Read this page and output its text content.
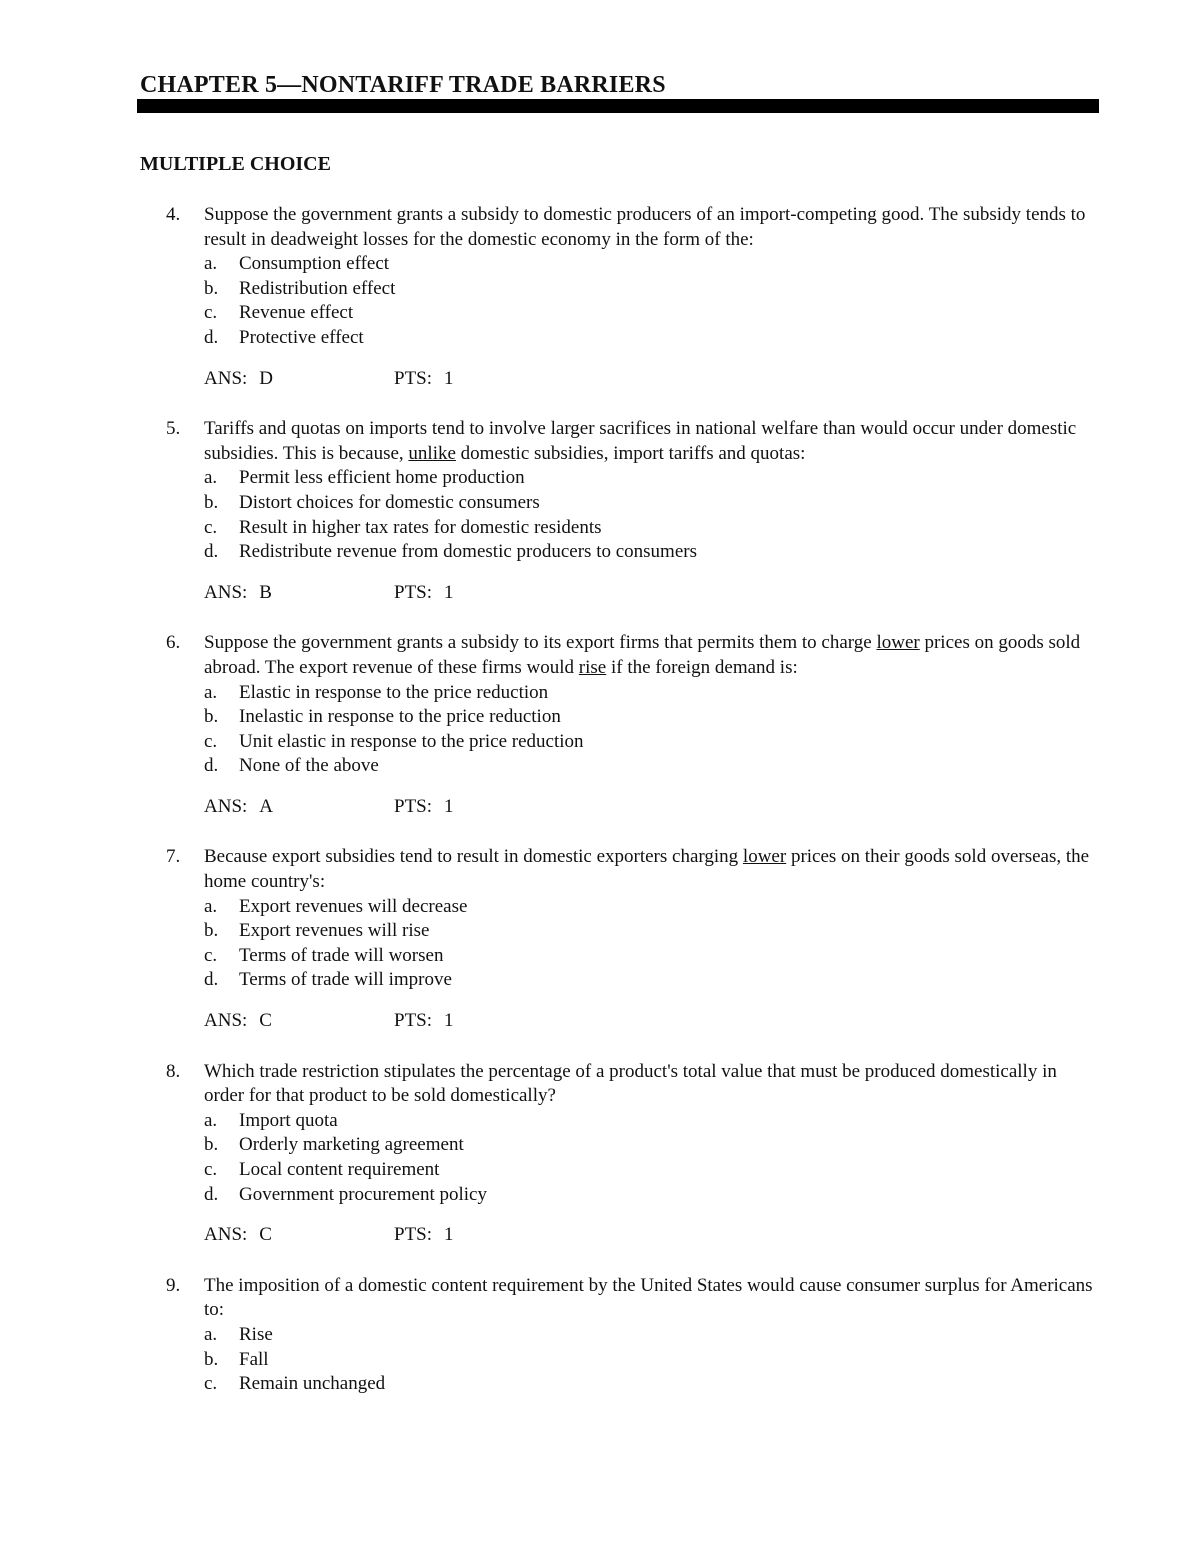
CHAPTER 5—NONTARIFF TRADE BARRIERS
MULTIPLE CHOICE
4. Suppose the government grants a subsidy to domestic producers of an import-competing good. The subsidy tends to result in deadweight losses for the domestic economy in the form of the:
a.	Consumption effect
b.	Redistribution effect
c.	Revenue effect
d.	Protective effect
ANS: D	PTS: 1
5. Tariffs and quotas on imports tend to involve larger sacrifices in national welfare than would occur under domestic subsidies. This is because, unlike domestic subsidies, import tariffs and quotas:
a.	Permit less efficient home production
b.	Distort choices for domestic consumers
c.	Result in higher tax rates for domestic residents
d.	Redistribute revenue from domestic producers to consumers
ANS: B	PTS: 1
6. Suppose the government grants a subsidy to its export firms that permits them to charge lower prices on goods sold abroad. The export revenue of these firms would rise if the foreign demand is:
a.	Elastic in response to the price reduction
b.	Inelastic in response to the price reduction
c.	Unit elastic in response to the price reduction
d.	None of the above
ANS: A	PTS: 1
7. Because export subsidies tend to result in domestic exporters charging lower prices on their goods sold overseas, the home country's:
a.	Export revenues will decrease
b.	Export revenues will rise
c.	Terms of trade will worsen
d.	Terms of trade will improve
ANS: C	PTS: 1
8. Which trade restriction stipulates the percentage of a product's total value that must be produced domestically in order for that product to be sold domestically?
a.	Import quota
b.	Orderly marketing agreement
c.	Local content requirement
d.	Government procurement policy
ANS: C	PTS: 1
9. The imposition of a domestic content requirement by the United States would cause consumer surplus for Americans to:
a.	Rise
b.	Fall
c.	Remain unchanged
